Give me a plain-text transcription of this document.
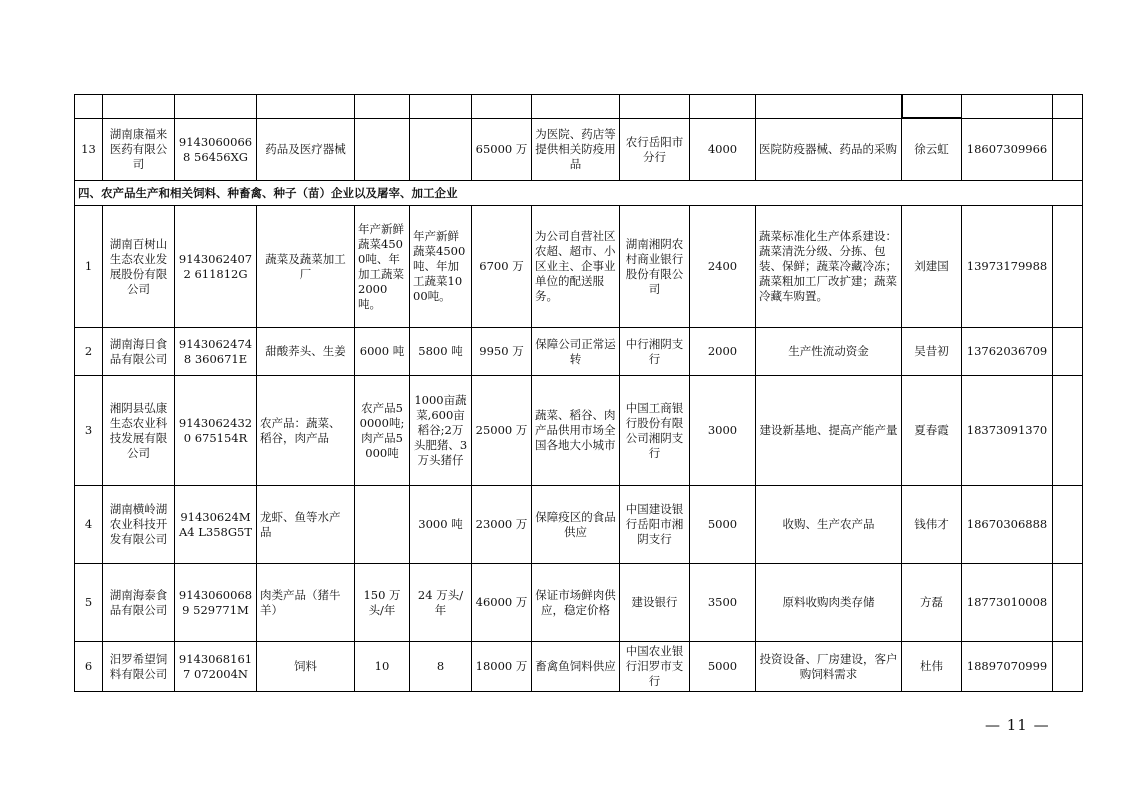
13	湖南康福来医药有限公司	91430600668 56456XG	药品及医疗器械			65000 万	为医院、药店等提供相关防疫用品	农行岳阳市分行	4000	医院防疫器械、药品的采购	徐云虹	18607309966	
四、农产品生产和相关饲料、种畜禽、种子（苗）企业以及屠宰、加工企业													
1	湖南百树山生态农业发展股份有限公司	91430624072 611812G	蔬菜及蔬菜加工厂	年产新鲜蔬菜4500吨、年加工蔬菜2000吨。	年产新鲜蔬菜4500吨、年加工蔬菜1000吨。	6700 万	为公司自营社区农超、超市、小区业主、企事业单位的配送服务。	湖南湘阴农村商业银行股份有限公司	2400	蔬菜标准化生产体系建设：蔬菜清洗分级、分拣、包装、保鲜；蔬菜冷藏冷冻；蔬菜粗加工厂改扩建；蔬菜冷藏车购置。	刘建国	13973179988	
2	湖南海日食品有限公司	91430624748 360671E	甜酸荞头、生姜	6000 吨	5800 吨	9950 万	保障公司正常运转	中行湘阴支行	2000	生产性流动资金	吴昔初	13762036709	
3	湘阴县弘康生态农业科技发展有限公司	91430624320 675154R	农产品：蔬菜、稻谷，肉产品	农产品50000吨;肉产品5000吨	1000亩蔬菜,600亩稻谷;2万头肥猪、3万头猪仔	25000 万	蔬菜、稻谷、肉产品供用市场全国各地大小城市	中国工商银行股份有限公司湘阴支行	3000	建设新基地、提高产能产量	夏春霞	18373091370	
4	湖南横岭湖农业科技开发有限公司	91430624MA4 L358G5T	龙虾、鱼等水产品		3000 吨	23000 万	保障疫区的食品供应	中国建设银行岳阳市湘阴支行	5000	收购、生产农产品	钱伟才	18670306888	
5	湖南海泰食品有限公司	91430600689 529771M	肉类产品（猪牛羊）	150 万头/年	24 万头/年	46000 万	保证市场鲜肉供应，稳定价格	建设银行	3500	原料收购肉类存储	方磊	18773010008	
6	汨罗希望饲料有限公司	91430681617 072004N	饲料	10	8	18000 万	畜禽鱼饲料供应	中国农业银行汨罗市支行	5000	投资设备、厂房建设，客户购饲料需求	杜伟	18897070999	
— 11 —
